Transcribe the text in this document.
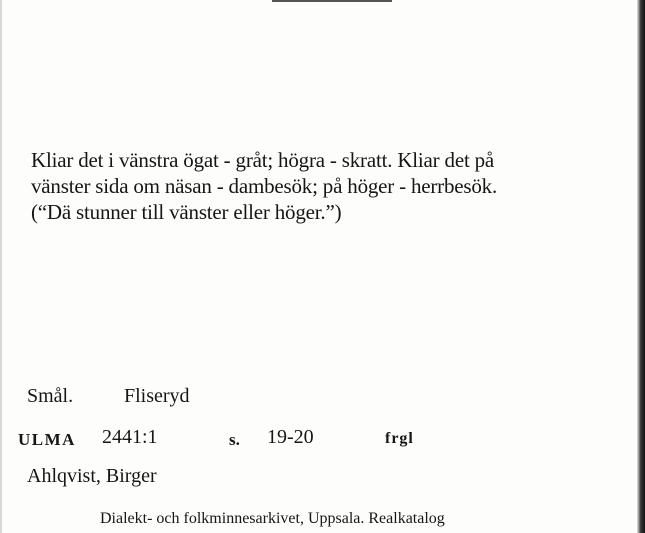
Kliar det i vänstra ögat - gråt; högra - skratt. Kliar det på
vänster sida om näsan - dambesök; på höger - herrbesök.
(“Dä stunner till vänster eller höger.”)
Smål.	Fliseryd
ULMA 2441:1	s. 19-20	frgl
Ahlqvist, Birger
Dialekt- och folkminnesarkivet, Uppsala. Realkatalog
